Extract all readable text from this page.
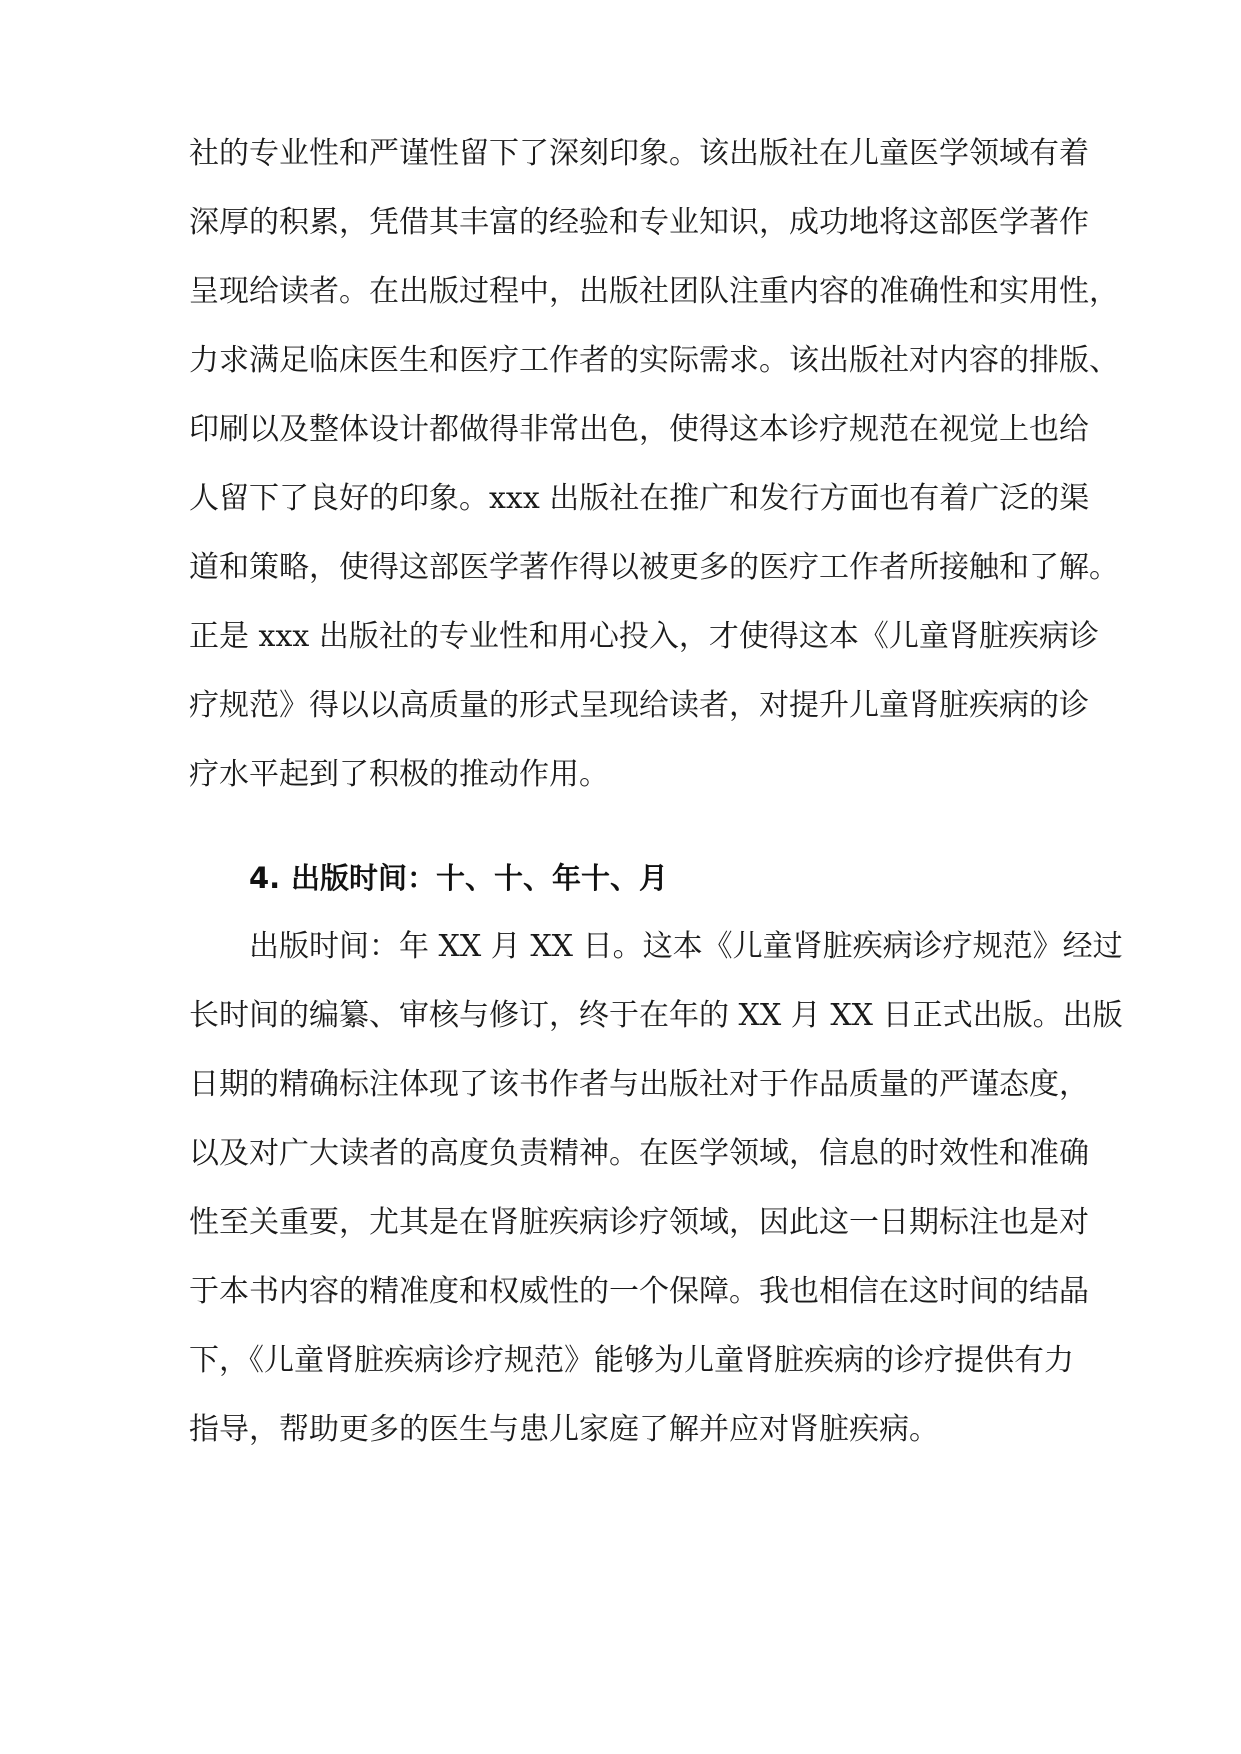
社的专业性和严谨性留下了深刻印象。该出版社在儿童医学领域有着
深厚的积累，凭借其丰富的经验和专业知识，成功地将这部医学著作
呈现给读者。在出版过程中，出版社团队注重内容的准确性和实用性，
力求满足临床医生和医疗工作者的实际需求。该出版社对内容的排版、
印刷以及整体设计都做得非常出色，使得这本诊疗规范在视觉上也给
人留下了良好的印象。xxx 出版社在推广和发行方面也有着广泛的渠
道和策略，使得这部医学著作得以被更多的医疗工作者所接触和了解。
正是 xxx 出版社的专业性和用心投入，才使得这本《儿童肾脏疾病诊
疗规范》得以以高质量的形式呈现给读者，对提升儿童肾脏疾病的诊
疗水平起到了积极的推动作用。
4. 出版时间：十、十、年十、月
出版时间：年 XX 月 XX 日。这本《儿童肾脏疾病诊疗规范》经过
长时间的编纂、审核与修订，终于在年的 XX 月 XX 日正式出版。出版
日期的精确标注体现了该书作者与出版社对于作品质量的严谨态度，
以及对广大读者的高度负责精神。在医学领域，信息的时效性和准确
性至关重要，尤其是在肾脏疾病诊疗领域，因此这一日期标注也是对
于本书内容的精准度和权威性的一个保障。我也相信在这时间的结晶
下，《儿童肾脏疾病诊疗规范》能够为儿童肾脏疾病的诊疗提供有力
指导，帮助更多的医生与患儿家庭了解并应对肾脏疾病。
